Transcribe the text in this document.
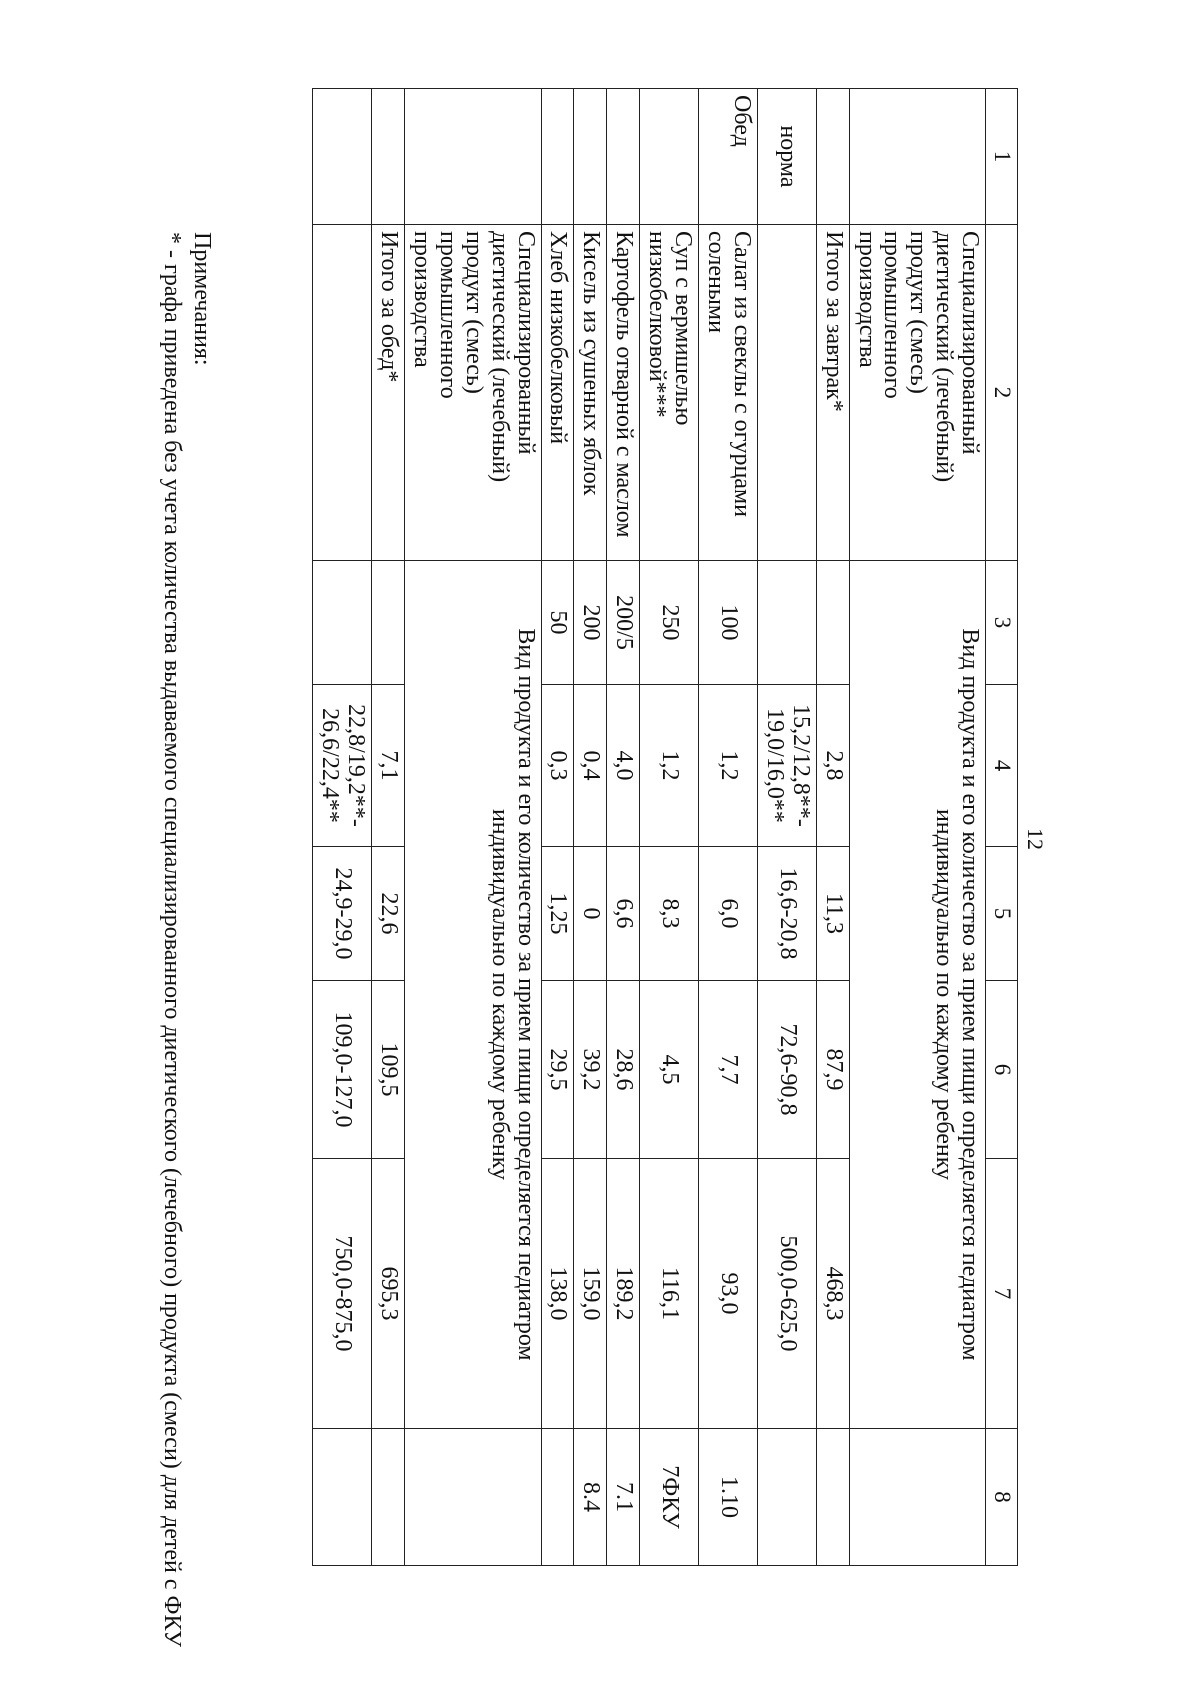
12
1	2	3	4	5	6	7	8
	Специализированный
диетический (лечебный)
продукт (смесь)
промышленного
производства	Вид продукта и его количество за прием пищи определяется педиатром индивидуально по каждому ребенку					
	Итого за завтрак*		2,8	11,3	87,9	468,3	
норма			15,2/12,8**-
19,0/16,0**	16,6-20,8	72,6-90,8	500,0-625,0	
Обед	Салат из свеклы с огурцами солеными	100	1,2	6,0	7,7	93,0	1.10
	Суп с вермишелью низкобелковой***	250	1,2	8,3	4,5	116,1	7ФКУ
	Картофель отварной с маслом	200/5	4,0	6,6	28,6	189,2	7.1
	Кисель из сушеных яблок	200	0,4	0	39,2	159,0	8.4
	Хлеб низкобелковый	50	0,3	1,25	29,5	138,0	
	Специализированный
диетический (лечебный)
продукт (смесь)
промышленного
производства	Вид продукта и его количество за прием пищи определяется педиатром индивидуально по каждому ребенку					
	Итого за обед*		7,1	22,6	109,5	695,3	
			22,8/19,2**-
26,6/22,4**	24,9-29,0	109,0-127,0	750,0-875,0	
Примечания:
* - графа приведена без учета количества выдаваемого специализированного диетического (лечебного) продукта (смеси) для детей с ФКУ
